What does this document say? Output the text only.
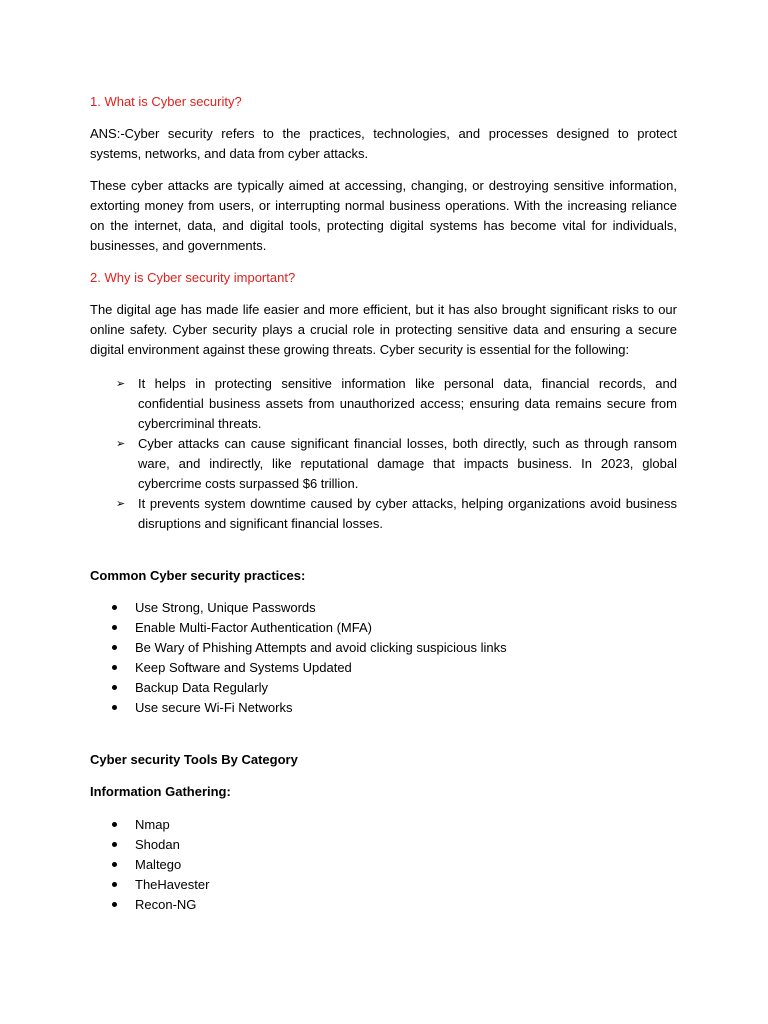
1. What is Cyber security?

ANS:-Cyber security refers to the practices, technologies, and processes designed to protect systems, networks, and data from cyber attacks.

These cyber attacks are typically aimed at accessing, changing, or destroying sensitive information, extorting money from users, or interrupting normal business operations. With the increasing reliance on the internet, data, and digital tools, protecting digital systems has become vital for individuals, businesses, and governments.

2. Why is Cyber security important?

The digital age has made life easier and more efficient, but it has also brought significant risks to our online safety. Cyber security plays a crucial role in protecting sensitive data and ensuring a secure digital environment against these growing threats. Cyber security is essential for the following:

➢ It helps in protecting sensitive information like personal data, financial records, and confidential business assets from unauthorized access; ensuring data remains secure from cybercriminal threats.
➢ Cyber attacks can cause significant financial losses, both directly, such as through ransom ware, and indirectly, like reputational damage that impacts business. In 2023, global cybercrime costs surpassed $6 trillion.
➢ It prevents system downtime caused by cyber attacks, helping organizations avoid business disruptions and significant financial losses.

Common Cyber security practices:

Use Strong, Unique Passwords
Enable Multi-Factor Authentication (MFA)
Be Wary of Phishing Attempts and avoid clicking suspicious links
Keep Software and Systems Updated
Backup Data Regularly
Use secure Wi-Fi Networks

Cyber security Tools By Category

Information Gathering:

Nmap
Shodan
Maltego
TheHavester
Recon-NG
